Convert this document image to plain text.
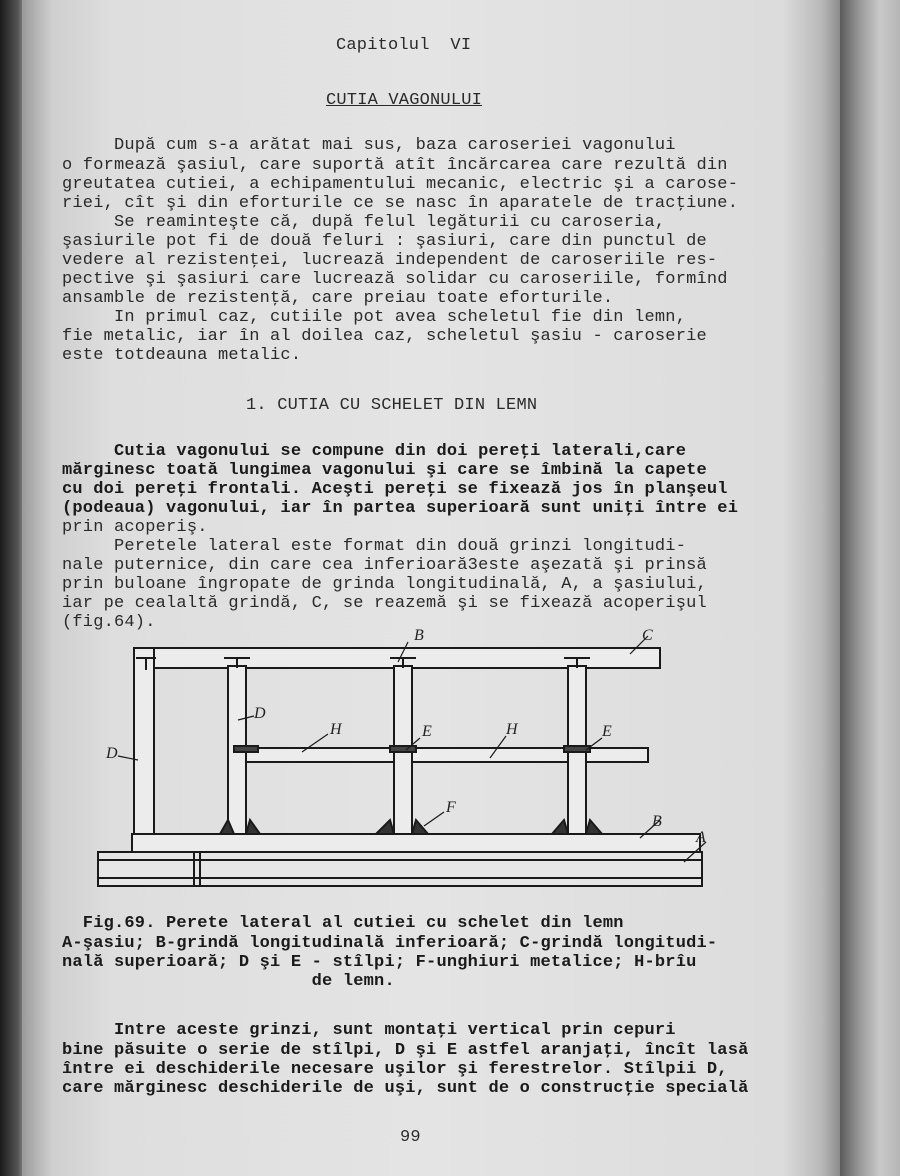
Capitolul  VI
CUTIA VAGONULUI
După cum s-a arătat mai sus, baza caroseriei vagonului
o formează şasiul, care suportă atît încărcarea care rezultă din
greutatea cutiei, a echipamentului mecanic, electric şi a carose-
riei, cît şi din eforturile ce se nasc în aparatele de tracţiune.
Se reaminteşte că, după felul legăturii cu caroseria,
şasiurile pot fi de două feluri : şasiuri, care din punctul de
vedere al rezistenţei, lucrează independent de caroseriile res-
pective şi şasiuri care lucrează solidar cu caroseriile, formînd
ansamble de rezistenţă, care preiau toate eforturile.
In primul caz, cutiile pot avea scheletul fie din lemn,
fie metalic, iar în al doilea caz, scheletul şasiu - caroserie
este totdeauna metalic.
1. CUTIA CU SCHELET DIN LEMN
Cutia vagonului se compune din doi pereţi laterali,care
mărginesc toată lungimea vagonului şi care se îmbină la capete
cu doi pereţi frontali. Aceşti pereţi se fixează jos în planşeul
(podeaua) vagonului, iar în partea superioară sunt uniţi între ei
prin acoperiş.
Peretele lateral este format din două grinzi longitudi-
nale puternice, din care cea inferioară3este aşezată şi prinsă
prin buloane îngropate de grinda longitudinală, A, a şasiului,
iar pe cealaltă grindă, C, se reazemă şi se fixează acoperişul
(fig.64).
B	C
D
D
H	E	H	E
F
B
A
Fig.69. Perete lateral al cutiei cu schelet din lemn
A-şasiu; B-grindă longitudinală inferioară; C-grindă longitudi-
nală superioară; D şi E - stîlpi; F-unghiuri metalice; H-brîu
de lemn.
Intre aceste grinzi, sunt montaţi vertical prin cepuri
bine păsuite o serie de stîlpi, D şi E astfel aranjaţi, încît lasă
între ei deschiderile necesare uşilor şi ferestrelor. Stîlpii D,
care mărginesc deschiderile de uşi, sunt de o construcţie specială
99
